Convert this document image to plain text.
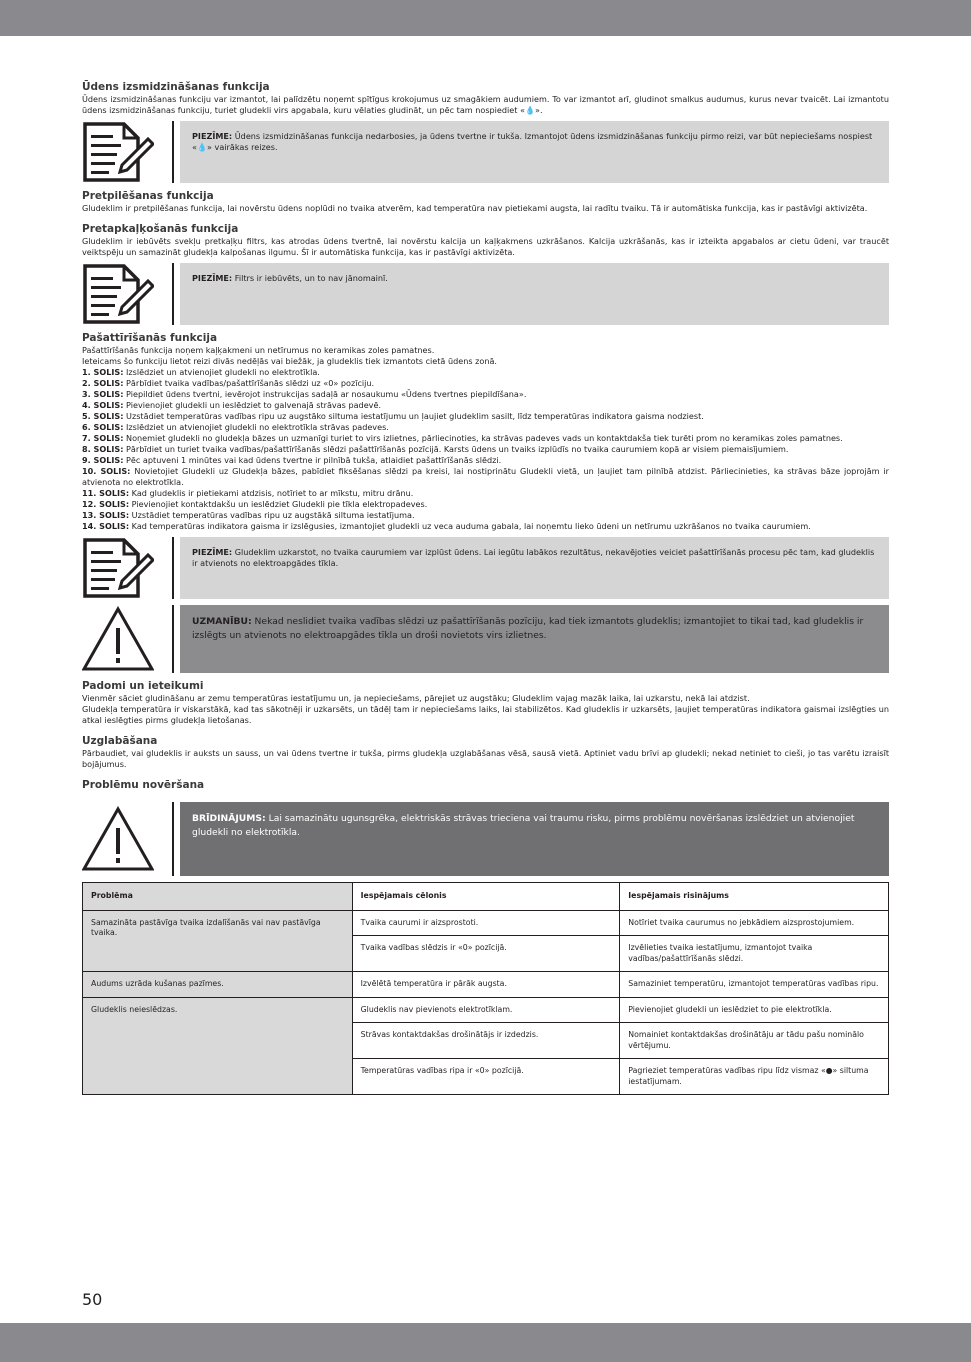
Ūdens izsmidzināšanas funkcija

Ūdens izsmidzināšanas funkciju var izmantot, lai palīdzētu noņemt spītīgus krokojumus uz smagākiem audumiem. To var izmantot arī, gludinot smalkus audumus, kurus nevar tvaicēt. Lai izmantotu ūdens izsmidzināšanas funkciju, turiet gludekli virs apgabala, kuru vēlaties gludināt, un pēc tam nospiediet «💧».

PIEZĪME: Ūdens izsmidzināšanas funkcija nedarbosies, ja ūdens tvertne ir tukša. Izmantojot ūdens izsmidzināšanas funkciju pirmo reizi, var būt nepieciešams nospiest «💧» vairākas reizes.
Pretpilēšanas funkcija

Gludeklim ir pretpilēšanas funkcija, lai novērstu ūdens noplūdi no tvaika atverēm, kad temperatūra nav pietiekami augsta, lai radītu tvaiku. Tā ir automātiska funkcija, kas ir pastāvīgi aktivizēta.

Pretapkaļķošanās funkcija

Gludeklim ir iebūvēts svekļu pretkaļķu filtrs, kas atrodas ūdens tvertnē, lai novērstu kalcija un kaļķakmens uzkrāšanos. Kalcija uzkrāšanās, kas ir izteikta apgabalos ar cietu ūdeni, var traucēt veiktspēju un samazināt gludekļa kalpošanas ilgumu. Šī ir automātiska funkcija, kas ir pastāvīgi aktivizēta.

PIEZĪME: Filtrs ir iebūvēts, un to nav jānomainī.
Pašattīrīšanās funkcija

Pašattīrīšanās funkcija noņem kaļķakmeni un netīrumus no keramikas zoles pamatnes.

Ieteicams šo funkciju lietot reizi divās nedēļās vai biežāk, ja gludeklis tiek izmantots cietā ūdens zonā.

1. SOLIS: Izslēdziet un atvienojiet gludekli no elektrotīkla.
2. SOLIS: Pārbīdiet tvaika vadības/pašattīrīšanās slēdzi uz «0» pozīciju.
3. SOLIS: Piepildiet ūdens tvertni, ievērojot instrukcijas sadaļā ar nosaukumu «Ūdens tvertnes piepildīšana».
4. SOLIS: Pievienojiet gludekli un ieslēdziet to galvenajā strāvas padevē.
5. SOLIS: Uzstādiet temperatūras vadības ripu uz augstāko siltuma iestatījumu un ļaujiet gludeklim sasilt, līdz temperatūras indikatora gaisma nodziest.
6. SOLIS: Izslēdziet un atvienojiet gludekli no elektrotīkla strāvas padeves.
7. SOLIS: Noņemiet gludekli no gludekļa bāzes un uzmanīgi turiet to virs izlietnes, pārliecinoties, ka strāvas padeves vads un kontaktdakša tiek turēti prom no keramikas zoles pamatnes.
8. SOLIS: Pārbīdiet un turiet tvaika vadības/pašattīrīšanās slēdzi pašattīrīšanās pozīcijā. Karsts ūdens un tvaiks izplūdīs no tvaika caurumiem kopā ar visiem piemaisījumiem.
9. SOLIS: Pēc aptuveni 1 minūtes vai kad ūdens tvertne ir pilnībā tukša, atlaidiet pašattīrīšanās slēdzi.
10. SOLIS: Novietojiet Gludekli uz Gludekļa bāzes, pabīdiet fiksēšanas slēdzi pa kreisi, lai nostiprinātu Gludekli vietā, un ļaujiet tam pilnībā atdzist. Pārliecinieties, ka strāvas bāze joprojām ir atvienota no elektrotīkla.
11. SOLIS: Kad gludeklis ir pietiekami atdzisis, notīriet to ar mīkstu, mitru drānu.
12. SOLIS: Pievienojiet kontaktdakšu un ieslēdziet Gludekli pie tīkla elektropadeves.
13. SOLIS: Uzstādiet temperatūras vadības ripu uz augstākā siltuma iestatījuma.
14. SOLIS: Kad temperatūras indikatora gaisma ir izslēgusies, izmantojiet gludekli uz veca auduma gabala, lai noņemtu lieko ūdeni un netīrumu uzkrāšanos no tvaika caurumiem.
PIEZĪME: Gludeklim uzkarstot, no tvaika caurumiem var izplūst ūdens. Lai iegūtu labākos rezultātus, nekavējoties veiciet pašattīrīšanās procesu pēc tam, kad gludeklis ir atvienots no elektroapgādes tīkla.
UZMANĪBU: Nekad neslidiet tvaika vadības slēdzi uz pašattīrīšanās pozīciju, kad tiek izmantots gludeklis; izmantojiet to tikai tad, kad gludeklis ir izslēgts un atvienots no elektroapgādes tīkla un droši novietots virs izlietnes.
Padomi un ieteikumi

Vienmēr sāciet gludināšanu ar zemu temperatūras iestatījumu un, ja nepieciešams, pārejiet uz augstāku; Gludeklim vajag mazāk laika, lai uzkarstu, nekā lai atdzist.

Gludekļa temperatūra ir viskarstākā, kad tas sākotnēji ir uzkarsēts, un tādēļ tam ir nepieciešams laiks, lai stabilizētos. Kad gludeklis ir uzkarsēts, ļaujiet temperatūras indikatora gaismai izslēgties un atkal ieslēgties pirms gludekļa lietošanas.

Uzglabāšana

Pārbaudiet, vai gludeklis ir auksts un sauss, un vai ūdens tvertne ir tukša, pirms gludekļa uzglabāšanas vēsā, sausā vietā. Aptiniet vadu brīvi ap gludekli; nekad netiniet to cieši, jo tas varētu izraisīt bojājumus.

Problēmu novēršana
BRĪDINĀJUMS: Lai samazinātu ugunsgrēka, elektriskās strāvas trieciena vai traumu risku, pirms problēmu novēršanas izslēdziet un atvienojiet gludekli no elektrotīkla.
Problēma	Iespējamais cēlonis	Iespējamais risinājums
Samazināta pastāvīga tvaika izdalīšanās vai nav pastāvīga tvaika.	Tvaika caurumi ir aizsprostoti.	Notīriet tvaika caurumus no jebkādiem aizsprostojumiem.
	Tvaika vadības slēdzis ir «0» pozīcijā.	Izvēlieties tvaika iestatījumu, izmantojot tvaika vadības/pašattīrīšanās slēdzi.
Audums uzrāda kušanas pazīmes.	Izvēlētā temperatūra ir pārāk augsta.	Samaziniet temperatūru, izmantojot temperatūras vadības ripu.
Gludeklis neieslēdzas.	Gludeklis nav pievienots elektrotīklam.	Pievienojiet gludekli un ieslēdziet to pie elektrotīkla.
	Strāvas kontaktdakšas drošinātājs ir izdedzis.	Nomainiet kontaktdakšas drošinātāju ar tādu pašu nominālo vērtējumu.
	Temperatūras vadības ripa ir «0» pozīcijā.	Pagrieziet temperatūras vadības ripu līdz vismaz «●» siltuma iestatījumam.
50
